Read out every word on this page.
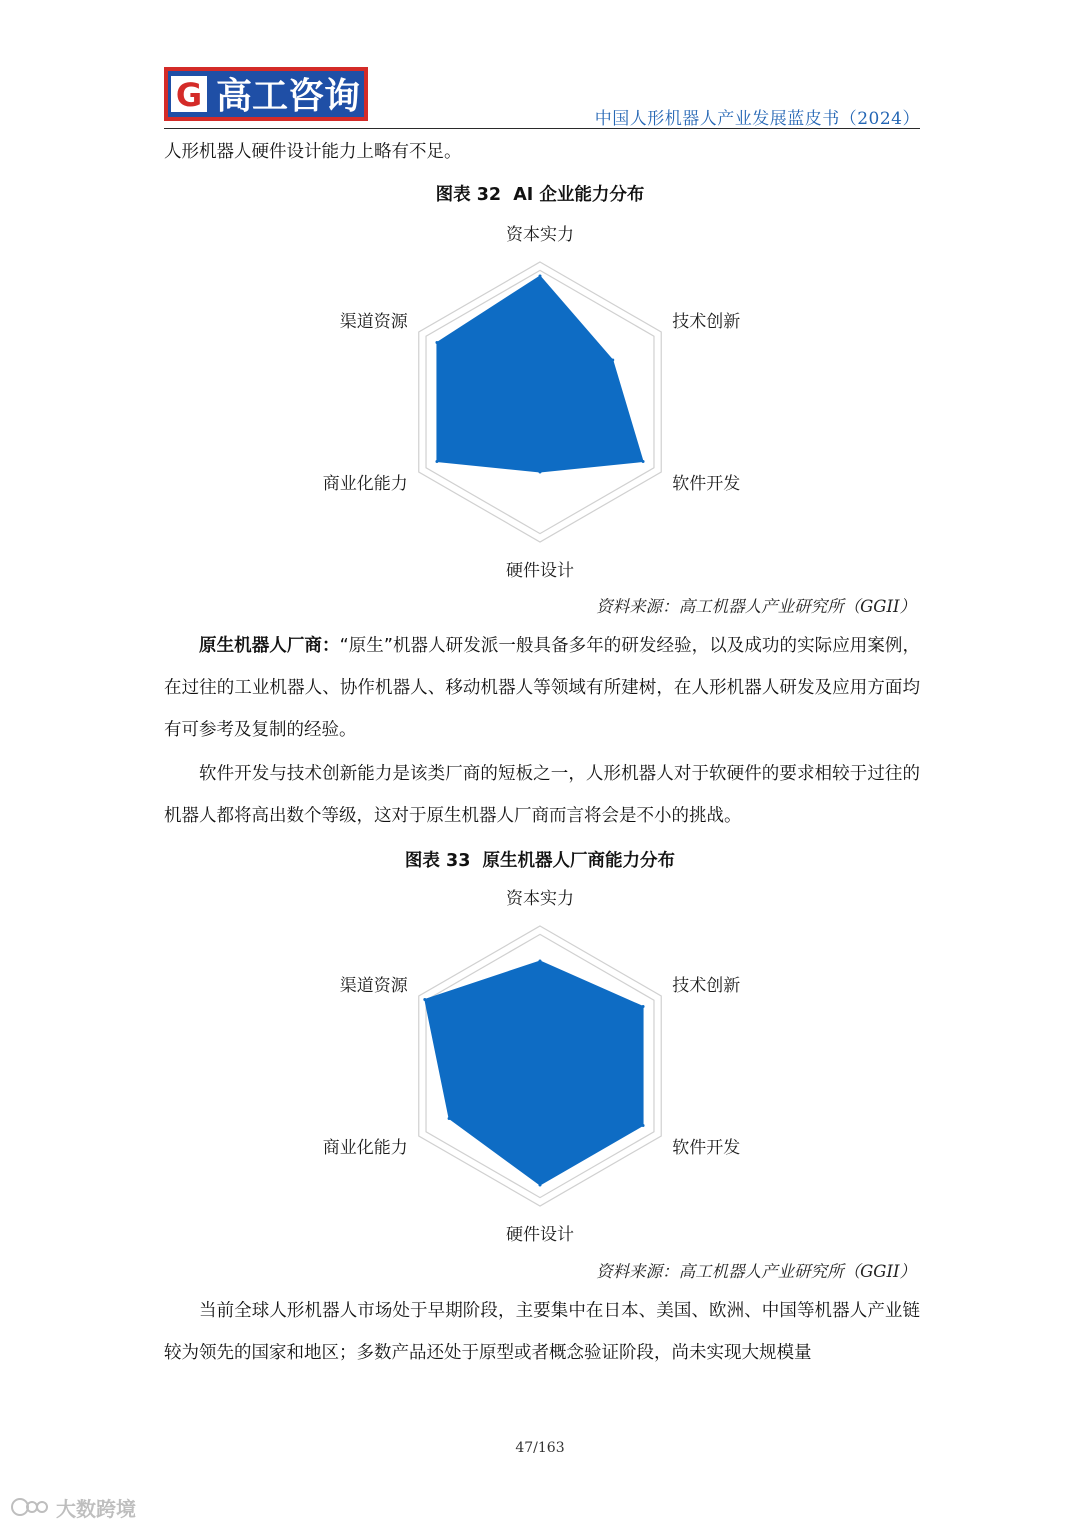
G 高工咨询
中国人形机器人产业发展蓝皮书（2024）

人形机器人硬件设计能力上略有不足。

图表 32  AI 企业能力分布
资本实力
技术创新
软件开发
硬件设计
商业化能力
渠道资源
资料来源：高工机器人产业研究所（GGII）

原生机器人厂商：“原生”机器人研发派一般具备多年的研发经验，以及成功的实际应用案例，在过往的工业机器人、协作机器人、移动机器人等领域有所建树，在人形机器人研发及应用方面均有可参考及复制的经验。

软件开发与技术创新能力是该类厂商的短板之一，人形机器人对于软硬件的要求相较于过往的机器人都将高出数个等级，这对于原生机器人厂商而言将会是不小的挑战。

图表 33  原生机器人厂商能力分布
资本实力
技术创新
软件开发
硬件设计
商业化能力
渠道资源
资料来源：高工机器人产业研究所（GGII）

当前全球人形机器人市场处于早期阶段，主要集中在日本、美国、欧洲、中国等机器人产业链较为领先的国家和地区；多数产品还处于原型或者概念验证阶段，尚未实现大规模量

47/163
大数跨境
